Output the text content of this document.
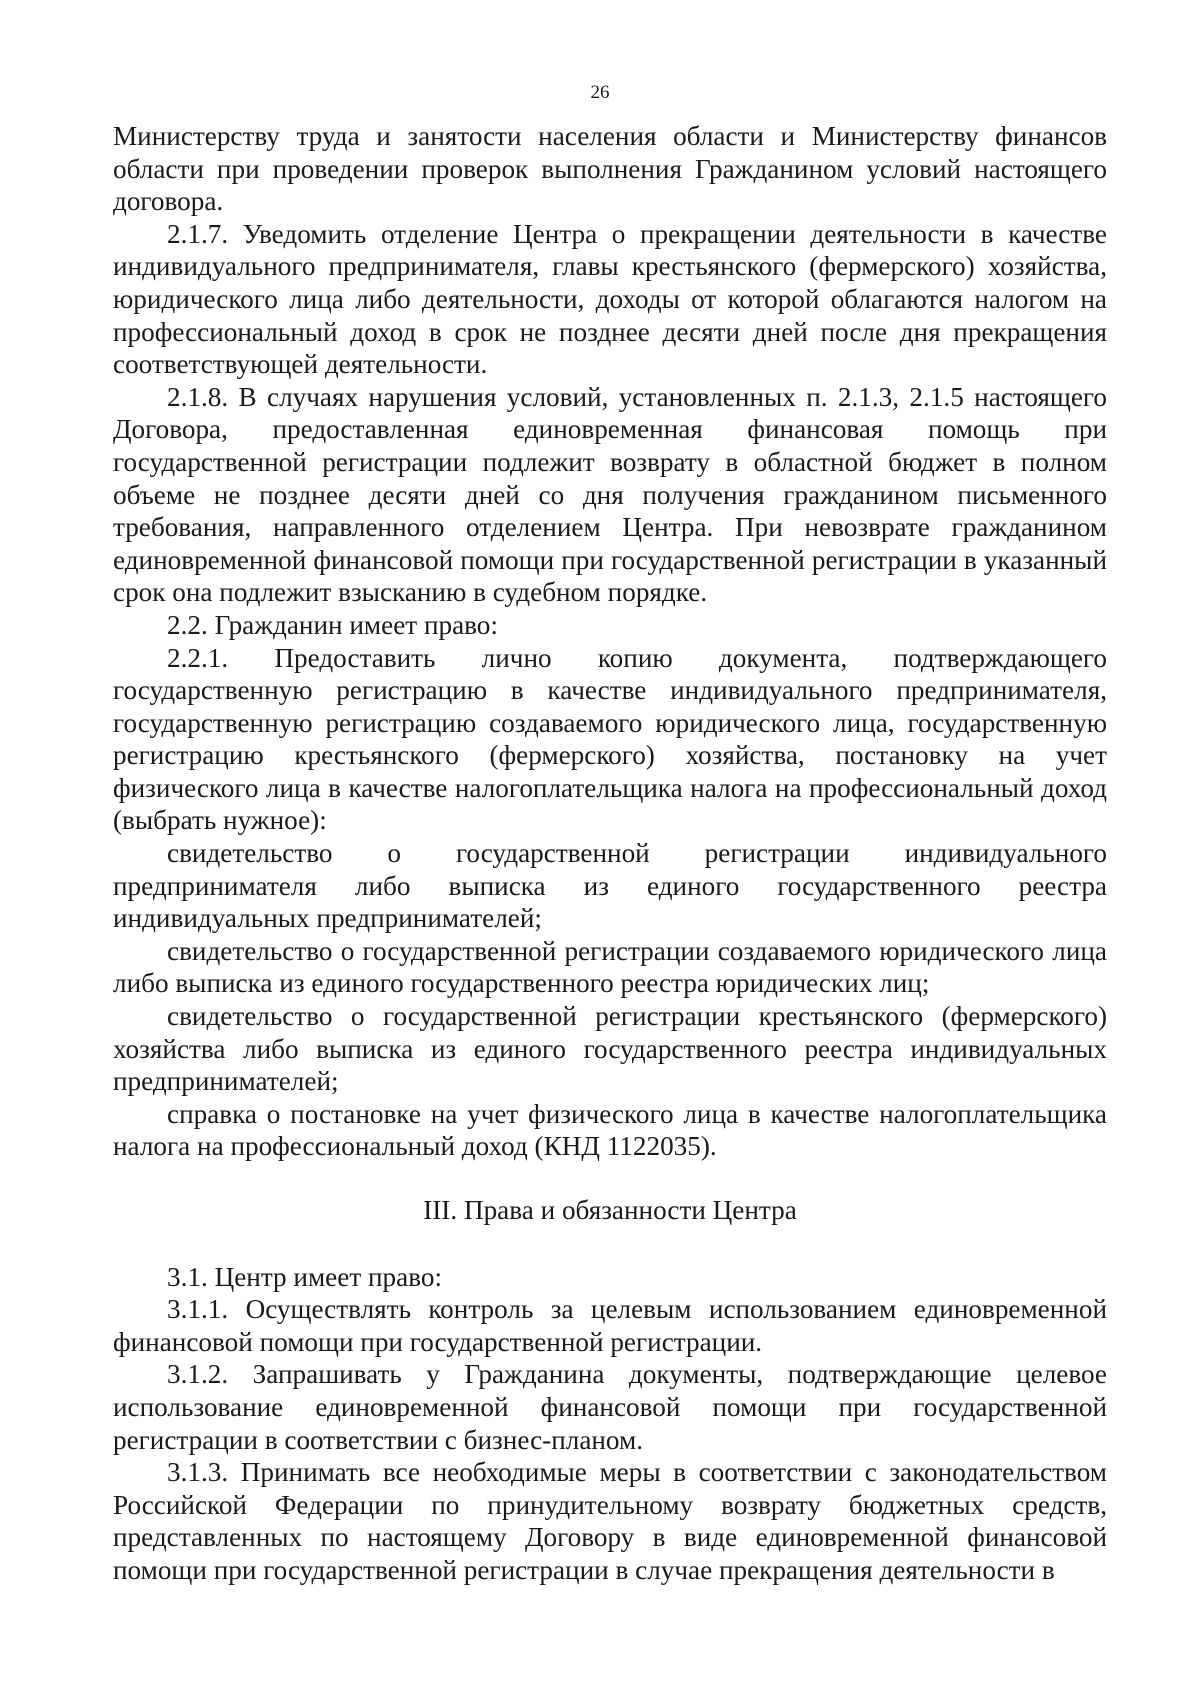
26

Министерству труда и занятости населения области и Министерству финансов области при проведении проверок выполнения Гражданином условий настоящего договора.

2.1.7. Уведомить отделение Центра о прекращении деятельности в качестве индивидуального предпринимателя, главы крестьянского (фермерского) хозяйства, юридического лица либо деятельности, доходы от которой облагаются налогом на профессиональный доход в срок не позднее десяти дней после дня прекращения соответствующей деятельности.

2.1.8. В случаях нарушения условий, установленных п. 2.1.3, 2.1.5 настоящего Договора, предоставленная единовременная финансовая помощь при государственной регистрации подлежит возврату в областной бюджет в полном объеме не позднее десяти дней со дня получения гражданином письменного требования, направленного отделением Центра. При невозврате гражданином единовременной финансовой помощи при государственной регистрации в указанный срок она подлежит взысканию в судебном порядке.

2.2. Гражданин имеет право:

2.2.1. Предоставить лично копию документа, подтверждающего государственную регистрацию в качестве индивидуального предпринимателя, государственную регистрацию создаваемого юридического лица, государственную регистрацию крестьянского (фермерского) хозяйства, постановку на учет физического лица в качестве налогоплательщика налога на профессиональный доход (выбрать нужное):

свидетельство о государственной регистрации индивидуального предпринимателя либо выписка из единого государственного реестра индивидуальных предпринимателей;

свидетельство о государственной регистрации создаваемого юридического лица либо выписка из единого государственного реестра юридических лиц;

свидетельство о государственной регистрации крестьянского (фермерского) хозяйства либо выписка из единого государственного реестра индивидуальных предпринимателей;

справка о постановке на учет физического лица в качестве налогоплательщика налога на профессиональный доход (КНД 1122035).

III. Права и обязанности Центра

3.1. Центр имеет право:

3.1.1. Осуществлять контроль за целевым использованием единовременной финансовой помощи при государственной регистрации.

3.1.2. Запрашивать у Гражданина документы, подтверждающие целевое использование единовременной финансовой помощи при государственной регистрации в соответствии с бизнес-планом.

3.1.3. Принимать все необходимые меры в соответствии с законодательством Российской Федерации по принудительному возврату бюджетных средств, представленных по настоящему Договору в виде единовременной финансовой помощи при государственной регистрации в случае прекращения деятельности в
